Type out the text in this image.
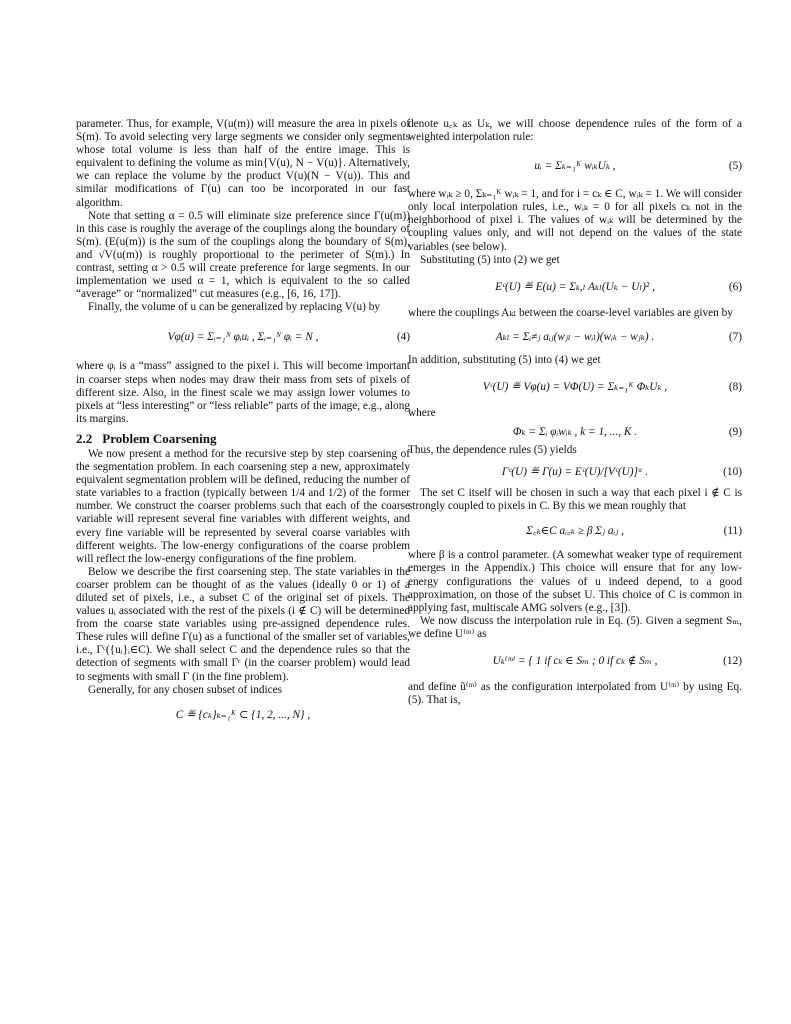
parameter. Thus, for example, V(u(m)) will measure the area in pixels of S(m). To avoid selecting very large segments we consider only segments whose total volume is less than half of the entire image. This is equivalent to defining the volume as min{V(u), N − V(u)}. Alternatively, we can replace the volume by the product V(u)(N − V(u)). This and similar modifications of Γ(u) can too be incorporated in our fast algorithm.

Note that setting α = 0.5 will eliminate size preference since Γ(u(m)) in this case is roughly the average of the couplings along the boundary of S(m). (E(u(m)) is the sum of the couplings along the boundary of S(m), and √V(u(m)) is roughly proportional to the perimeter of S(m).) In contrast, setting α > 0.5 will create preference for large segments. In our implementation we used α = 1, which is equivalent to the so called “average” or “normalized” cut measures (e.g., [6, 16, 17]).

Finally, the volume of u can be generalized by replacing V(u) by

Vφ(u) = Σᵢ₌₁ᴺ φᵢuᵢ , Σᵢ₌₁ᴺ φᵢ = N ,	(4)

where φᵢ is a “mass” assigned to the pixel i. This will become important in coarser steps when nodes may draw their mass from sets of pixels of different size. Also, in the finest scale we may assign lower volumes to pixels at “less interesting” or “less reliable” parts of the image, e.g., along its margins.

2.2 Problem Coarsening

We now present a method for the recursive step by step coarsening of the segmentation problem. In each coarsening step a new, approximately equivalent segmentation problem will be defined, reducing the number of state variables to a fraction (typically between 1/4 and 1/2) of the former number. We construct the coarser problems such that each of the coarse variable will represent several fine variables with different weights, and every fine variable will be represented by several coarse variables with different weights. The low-energy configurations of the coarse problem will reflect the low-energy configurations of the fine problem.

Below we describe the first coarsening step. The state variables in the coarser problem can be thought of as the values (ideally 0 or 1) of a diluted set of pixels, i.e., a subset C of the original set of pixels. The values uᵢ associated with the rest of the pixels (i ∉ C) will be determined from the coarse state variables using pre-assigned dependence rules. These rules will define Γ(u) as a functional of the smaller set of variables, i.e., Γᶜ({uᵢ}ᵢ∈C). We shall select C and the dependence rules so that the detection of segments with small Γᶜ (in the coarser problem) would lead to segments with small Γ (in the fine problem).

Generally, for any chosen subset of indices

C ≝ {cₖ}ₖ₌₁ᴷ ⊂ {1, 2, ..., N} ,

denote u꜀ₖ as Uₖ, we will choose dependence rules of the form of a weighted interpolation rule:

uᵢ = Σₖ₌₁ᴷ wᵢₖUₖ ,	(5)

where wᵢₖ ≥ 0, Σₖ₌₁ᴷ wᵢₖ = 1, and for i = cₖ ∈ C, wᵢₖ = 1. We will consider only local interpolation rules, i.e., wᵢₖ = 0 for all pixels cₖ not in the neighborhood of pixel i. The values of wᵢₖ will be determined by the coupling values only, and will not depend on the values of the state variables (see below).

Substituting (5) into (2) we get

Eᶜ(U) ≝ E(u) = Σₖ,ₗ Aₖₗ(Uₖ − Uₗ)² ,	(6)

where the couplings Aₖₗ between the coarse-level variables are given by

Aₖₗ = Σᵢ≠ⱼ aᵢⱼ(wⱼₗ − wᵢₗ)(wᵢₖ − wⱼₖ) .	(7)

In addition, substituting (5) into (4) we get

Vᶜ(U) ≝ Vφ(u) = VΦ(U) = Σₖ₌₁ᴷ ΦₖUₖ ,	(8)

where

Φₖ = Σᵢ φᵢwᵢₖ , k = 1, ..., K .	(9)

Thus, the dependence rules (5) yields

Γᶜ(U) ≝ Γ(u) = Eᶜ(U)/[Vᶜ(U)]ᵅ .	(10)

The set C itself will be chosen in such a way that each pixel i ∉ C is strongly coupled to pixels in C. By this we mean roughly that

Σ꜀ₖ∈C aᵢ꜀ₖ ≥ β Σⱼ aᵢⱼ ,	(11)

where β is a control parameter. (A somewhat weaker type of requirement emerges in the Appendix.) This choice will ensure that for any low-energy configurations the values of u indeed depend, to a good approximation, on those of the subset U. This choice of C is common in applying fast, multiscale AMG solvers (e.g., [3]).

We now discuss the interpolation rule in Eq. (5). Given a segment Sₘ, we define U⁽ᵐ⁾ as

Uₖ⁽ᵐ⁾ = { 1 if cₖ ∈ Sₘ ; 0 if cₖ ∉ Sₘ ,	(12)

and define ũ⁽ᵐ⁾ as the configuration interpolated from U⁽ᵐ⁾ by using Eq. (5). That is,
